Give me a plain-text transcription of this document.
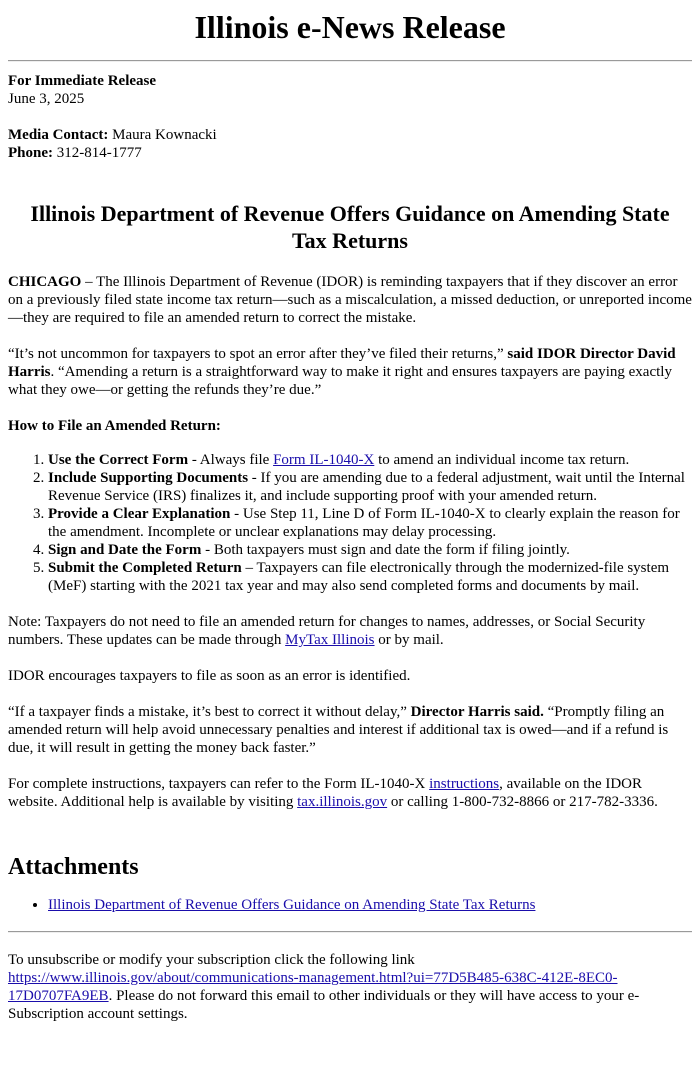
Illinois e-News Release

For Immediate Release

June 3, 2025

Media Contact: Maura Kownacki

Phone: 312-814-1777

Illinois Department of Revenue Offers Guidance on Amending State Tax Returns

CHICAGO – The Illinois Department of Revenue (IDOR) is reminding taxpayers that if they discover an error on a previously filed state income tax return—such as a miscalculation, a missed deduction, or unreported income—they are required to file an amended return to correct the mistake.

“It’s not uncommon for taxpayers to spot an error after they’ve filed their returns,” said IDOR Director David Harris. “Amending a return is a straightforward way to make it right and ensures taxpayers are paying exactly what they owe—or getting the refunds they’re due.”

How to File an Amended Return:

1. Use the Correct Form - Always file Form IL-1040-X to amend an individual income tax return.
2. Include Supporting Documents - If you are amending due to a federal adjustment, wait until the Internal Revenue Service (IRS) finalizes it, and include supporting proof with your amended return.
3. Provide a Clear Explanation - Use Step 11, Line D of Form IL-1040-X to clearly explain the reason for the amendment. Incomplete or unclear explanations may delay processing.
4. Sign and Date the Form - Both taxpayers must sign and date the form if filing jointly.
5. Submit the Completed Return – Taxpayers can file electronically through the modernized-file system (MeF) starting with the 2021 tax year and may also send completed forms and documents by mail.

Note: Taxpayers do not need to file an amended return for changes to names, addresses, or Social Security numbers. These updates can be made through MyTax Illinois or by mail.

IDOR encourages taxpayers to file as soon as an error is identified.

“If a taxpayer finds a mistake, it’s best to correct it without delay,” Director Harris said. “Promptly filing an amended return will help avoid unnecessary penalties and interest if additional tax is owed—and if a refund is due, it will result in getting the money back faster.”

For complete instructions, taxpayers can refer to the Form IL-1040-X instructions, available on the IDOR website. Additional help is available by visiting tax.illinois.gov or calling 1-800-732-8866 or 217-782-3336.

Attachments
• Illinois Department of Revenue Offers Guidance on Amending State Tax Returns

To unsubscribe or modify your subscription click the following link https://www.illinois.gov/about/communications-management.html?ui=77D5B485-638C-412E-8EC0-17D0707FA9EB. Please do not forward this email to other individuals or they will have access to your e-Subscription account settings.
